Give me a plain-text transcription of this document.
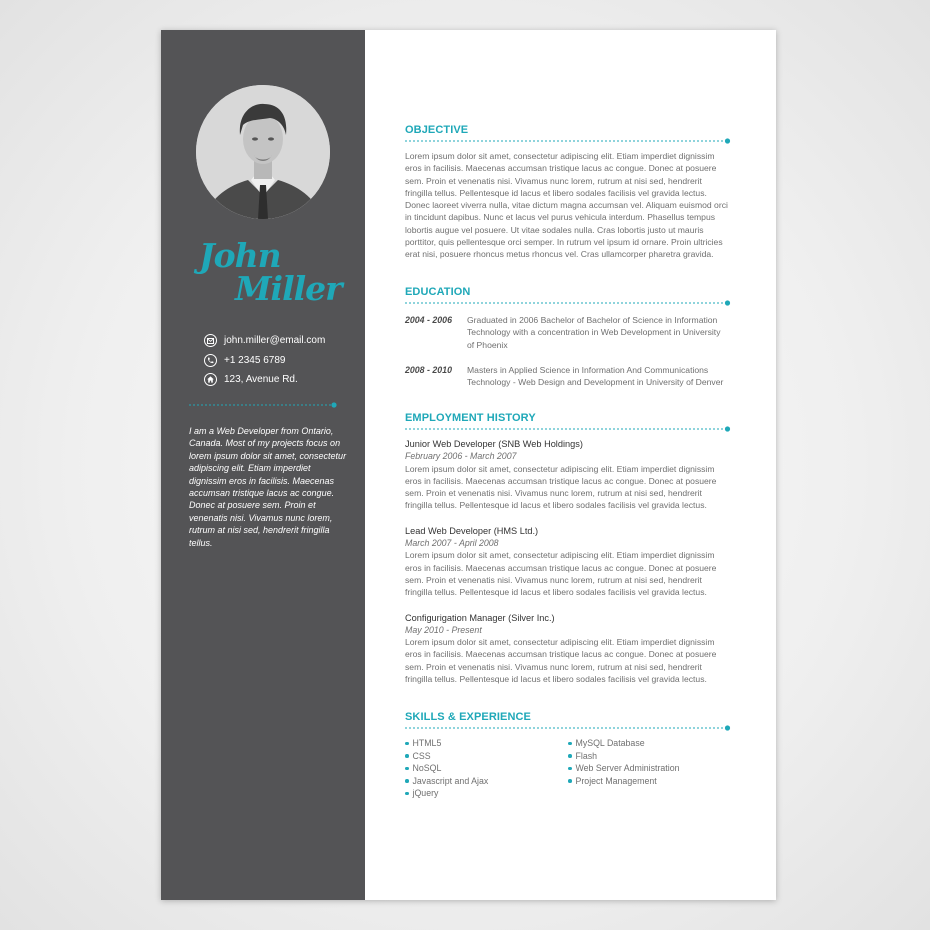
John
Miller
john.miller@email.com
+1 2345 6789
123, Avenue Rd.
I am a Web Developer from Ontario, Canada. Most of my projects focus on lorem ipsum dolor sit amet, consectetur adipiscing elit. Etiam imperdiet dignissim eros in facilisis. Maecenas accumsan tristique lacus ac congue. Donec at posuere sem. Proin et venenatis nisi. Vivamus nunc lorem, rutrum at nisi sed, hendrerit fringilla tellus.
OBJECTIVE
Lorem ipsum dolor sit amet, consectetur adipiscing elit. Etiam imperdiet dignissim eros in facilisis. Maecenas accumsan tristique lacus ac congue. Donec at posuere sem. Proin et venenatis nisi. Vivamus nunc lorem, rutrum at nisi sed, hendrerit fringilla tellus. Pellentesque id lacus et libero sodales facilisis vel gravida lectus. Donec laoreet viverra nulla, vitae dictum magna accumsan vel. Aliquam euismod orci in tincidunt dapibus. Nunc et lacus vel purus vehicula interdum. Phasellus tempus lobortis augue vel posuere. Ut vitae sodales nulla. Cras lobortis justo ut mauris porttitor, quis pellentesque orci semper. In rutrum vel ipsum id ornare. Proin ultricies erat nisi, posuere rhoncus metus rhoncus vel. Cras ullamcorper pharetra gravida.
EDUCATION
2004 - 2006	Graduated in 2006 Bachelor of Bachelor of Science in Information Technology with a concentration in Web Development in University of Phoenix
2008 - 2010	Masters in Applied Science in Information And Communications Technology - Web Design and Development in University of Denver
EMPLOYMENT HISTORY
Junior Web Developer (SNB Web Holdings)
February 2006 - March 2007
Lorem ipsum dolor sit amet, consectetur adipiscing elit. Etiam imperdiet dignissim eros in facilisis. Maecenas accumsan tristique lacus ac congue. Donec at posuere sem. Proin et venenatis nisi. Vivamus nunc lorem, rutrum at nisi sed, hendrerit fringilla tellus. Pellentesque id lacus et libero sodales facilisis vel gravida lectus.
Lead Web Developer (HMS Ltd.)
March 2007 - April 2008
Lorem ipsum dolor sit amet, consectetur adipiscing elit. Etiam imperdiet dignissim eros in facilisis. Maecenas accumsan tristique lacus ac congue. Donec at posuere sem. Proin et venenatis nisi. Vivamus nunc lorem, rutrum at nisi sed, hendrerit fringilla tellus. Pellentesque id lacus et libero sodales facilisis vel gravida lectus.
Configurigation Manager (Silver Inc.)
May 2010 - Present
Lorem ipsum dolor sit amet, consectetur adipiscing elit. Etiam imperdiet dignissim eros in facilisis. Maecenas accumsan tristique lacus ac congue. Donec at posuere sem. Proin et venenatis nisi. Vivamus nunc lorem, rutrum at nisi sed, hendrerit fringilla tellus. Pellentesque id lacus et libero sodales facilisis vel gravida lectus.
SKILLS & EXPERIENCE
HTML5
CSS
NoSQL
Javascript and Ajax
jQuery
MySQL Database
Flash
Web Server Administration
Project Management
